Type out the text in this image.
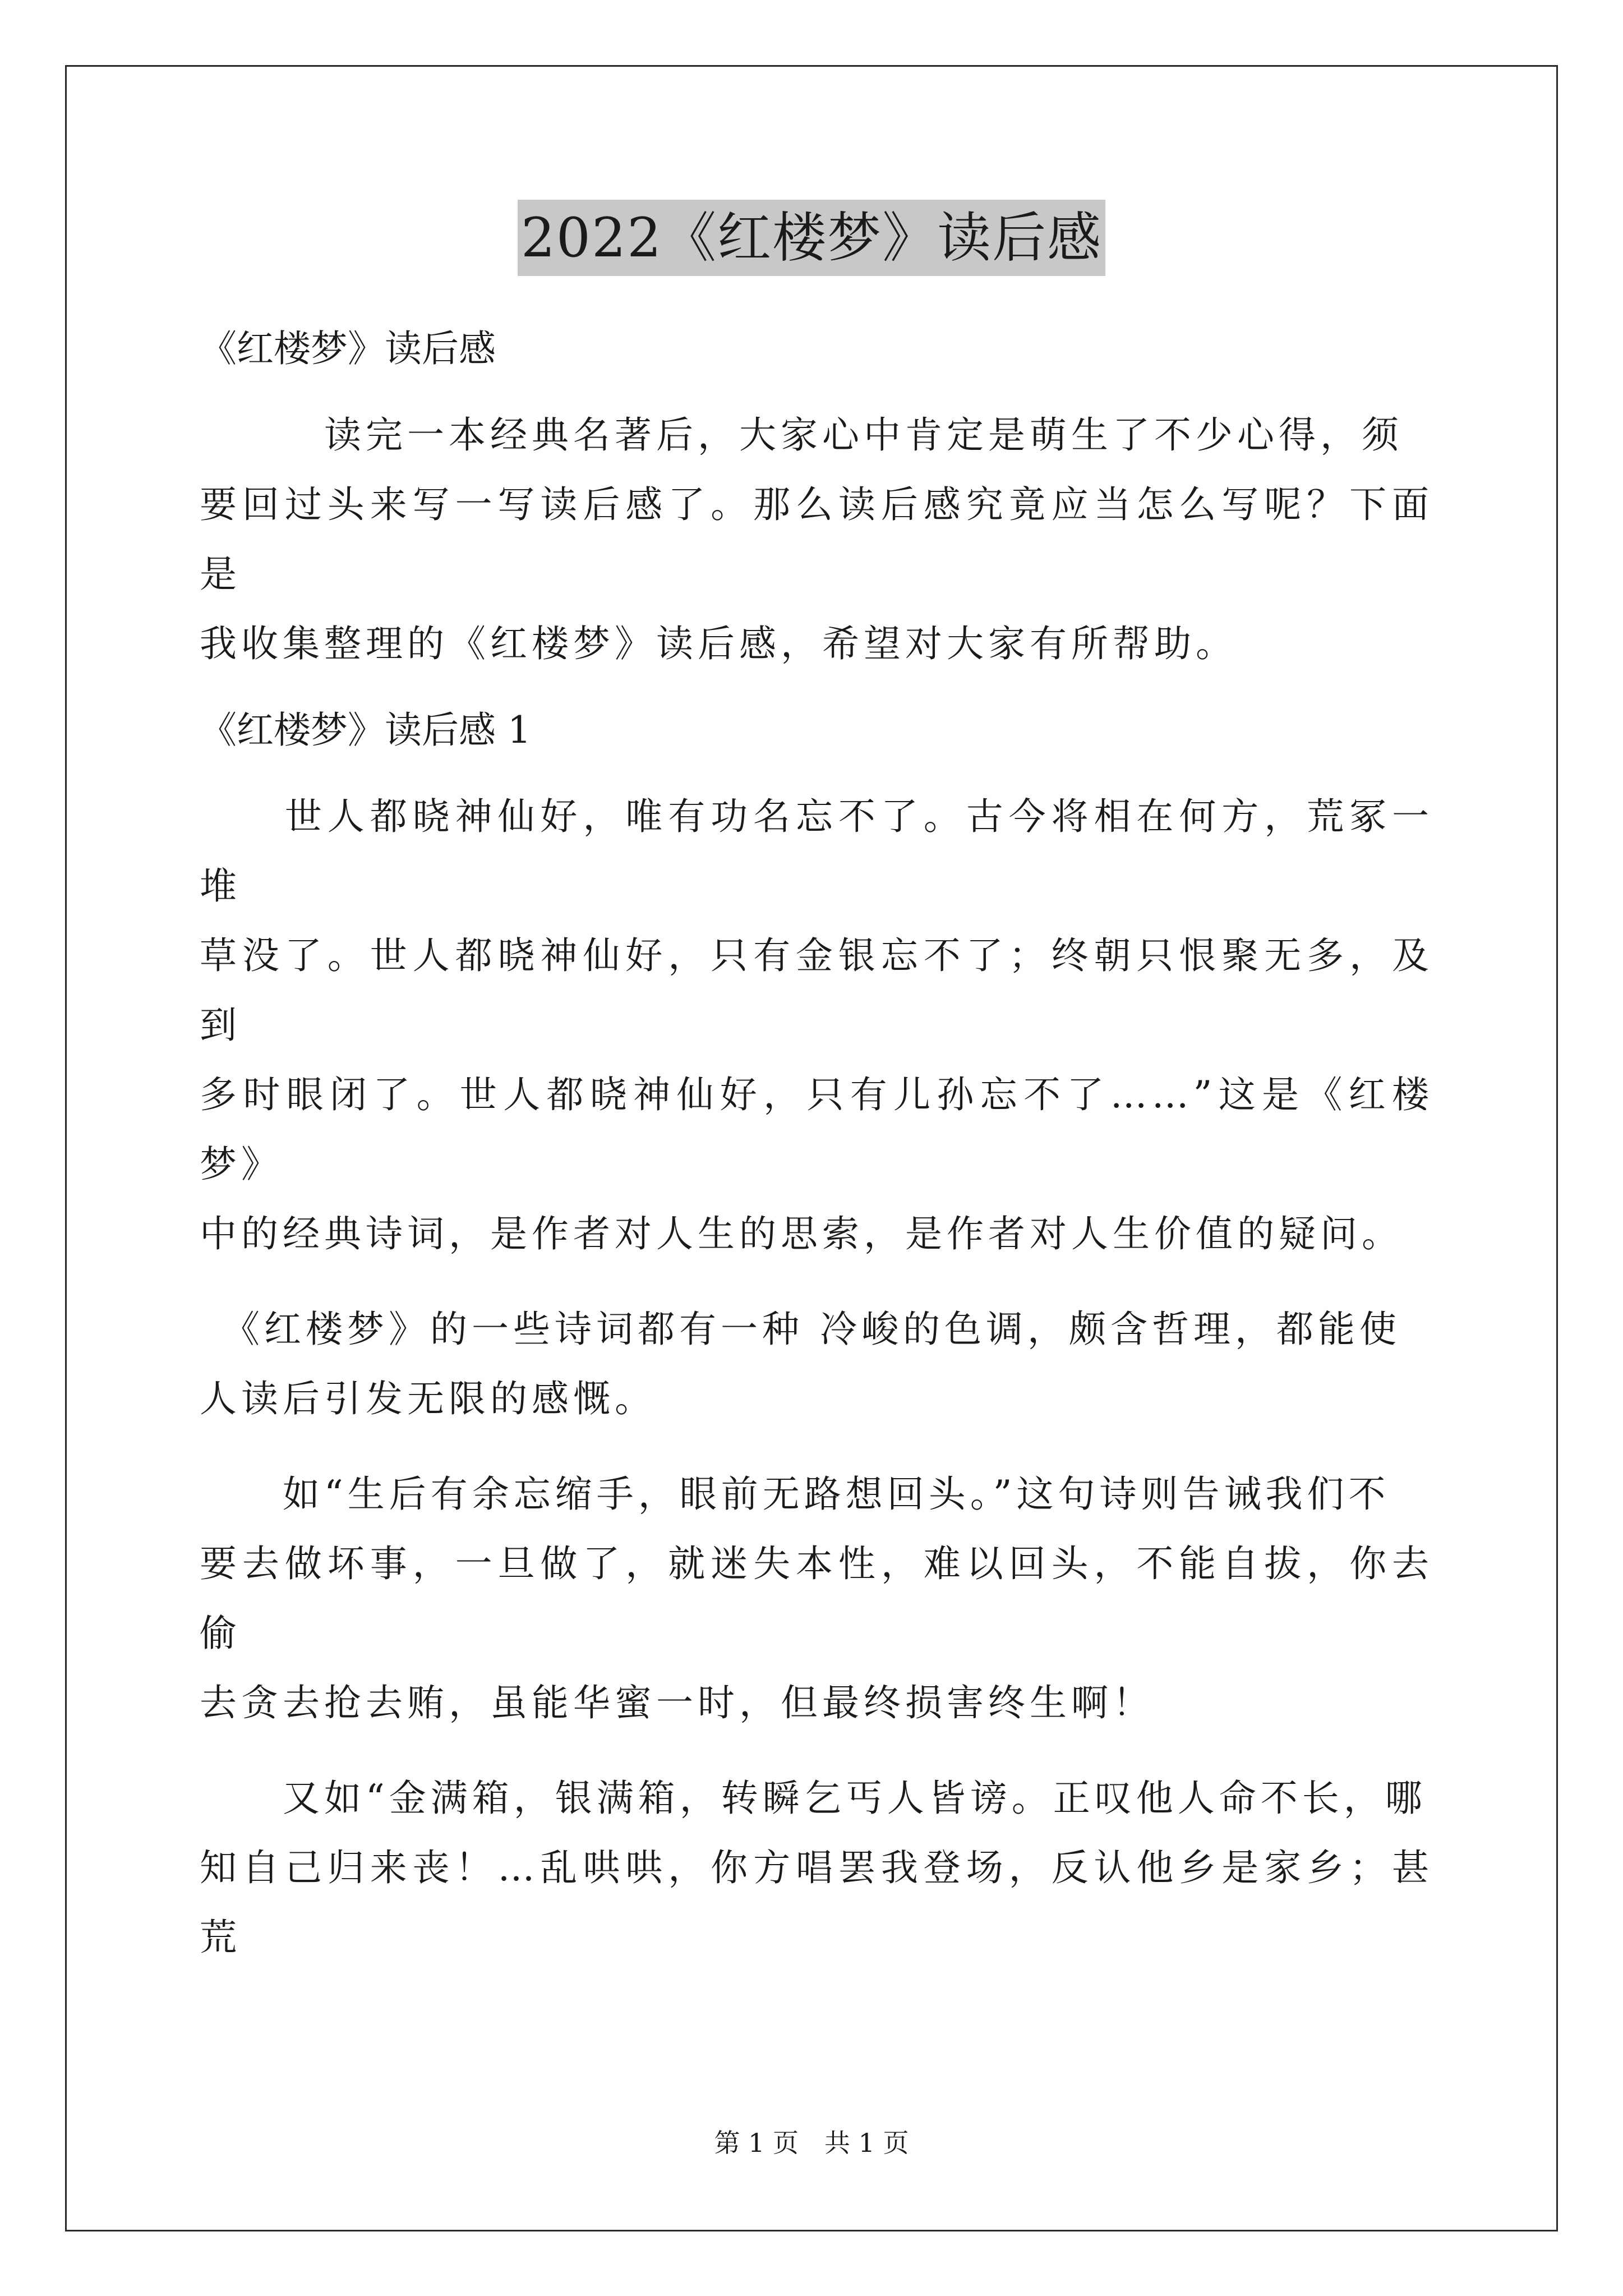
2022《红楼梦》读后感

《红楼梦》读后感

　　　读完一本经典名著后，大家心中肯定是萌生了不少心得，须

要回过头来写一写读后感了。那么读后感究竟应当怎么写呢？下面是

我收集整理的《红楼梦》读后感，希望对大家有所帮助。

《红楼梦》读后感 1

　　世人都晓神仙好，唯有功名忘不了。古今将相在何方，荒冢一堆

草没了。世人都晓神仙好，只有金银忘不了；终朝只恨聚无多，及到

多时眼闭了。世人都晓神仙好，只有儿孙忘不了……”这是《红楼梦》

中的经典诗词，是作者对人生的思索，是作者对人生价值的疑问。

　《红楼梦》的一些诗词都有一种 冷峻的色调，颇含哲理，都能使

人读后引发无限的感慨。

　　如“生后有余忘缩手，眼前无路想回头。”这句诗则告诫我们不

要去做坏事，一旦做了，就迷失本性，难以回头，不能自拔，你去偷

去贪去抢去贿，虽能华蜜一时，但最终损害终生啊！

　　又如“金满箱，银满箱，转瞬乞丐人皆谤。正叹他人命不长，哪

知自己归来丧！…乱哄哄，你方唱罢我登场，反认他乡是家乡；甚荒

第 1 页　共 1 页
